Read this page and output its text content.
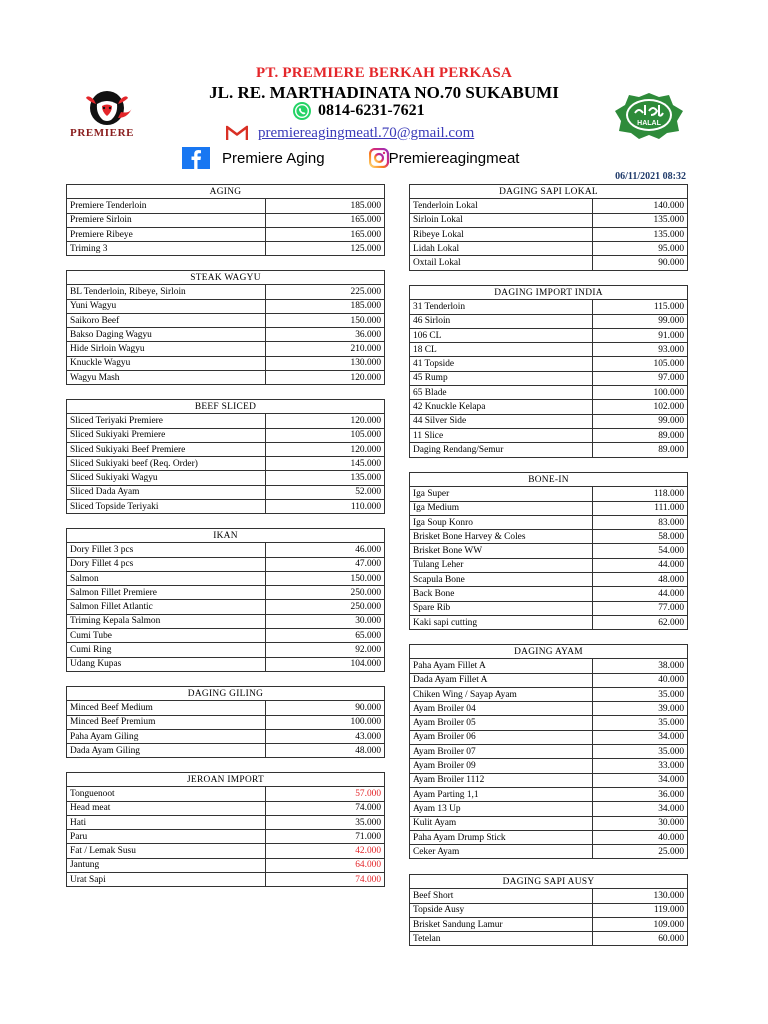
PT. PREMIERE BERKAH PERKASA
JL. RE. MARTHADINATA NO.70 SUKABUMI
0814-6231-7621
premiereagingmeatl.70@gmail.com
Premiere Aging	Premiereagingmeat
06/11/2021 08:32
PREMIERE
HALAL
AGING	
Premiere Tenderloin	185.000
Premiere Sirloin	165.000
Premiere Ribeye	165.000
Triming 3	125.000
STEAK WAGYU	
BL Tenderloin, Ribeye, Sirloin	225.000
Yuni Wagyu	185.000
Saikoro Beef	150.000
Bakso Daging Wagyu	36.000
Hide Sirloin Wagyu	210.000
Knuckle Wagyu	130.000
Wagyu Mash	120.000
BEEF SLICED	
Sliced Teriyaki Premiere	120.000
Sliced Sukiyaki Premiere	105.000
Sliced Sukiyaki Beef Premiere	120.000
Sliced Sukiyaki beef (Req. Order)	145.000
Sliced Sukiyaki Wagyu	135.000
Sliced Dada Ayam	52.000
Sliced Topside Teriyaki	110.000
IKAN	
Dory Fillet 3 pcs	46.000
Dory Fillet 4 pcs	47.000
Salmon	150.000
Salmon Fillet Premiere	250.000
Salmon Fillet Atlantic	250.000
Triming Kepala Salmon	30.000
Cumi Tube	65.000
Cumi Ring	92.000
Udang Kupas	104.000
DAGING GILING	
Minced Beef Medium	90.000
Minced Beef Premium	100.000
Paha Ayam Giling	43.000
Dada Ayam Giling	48.000
JEROAN IMPORT	
Tonguenoot	57.000
Head meat	74.000
Hati	35.000
Paru	71.000
Fat / Lemak Susu	42.000
Jantung	64.000
Urat Sapi	74.000
DAGING SAPI LOKAL	
Tenderloin Lokal	140.000
Sirloin Lokal	135.000
Ribeye Lokal	135.000
Lidah Lokal	95.000
Oxtail Lokal	90.000
DAGING IMPORT INDIA	
31 Tenderloin	115.000
46 Sirloin	99.000
106 CL	91.000
18 CL	93.000
41 Topside	105.000
45 Rump	97.000
65 Blade	100.000
42 Knuckle Kelapa	102.000
44 Silver Side	99.000
11 Slice	89.000
Daging Rendang/Semur	89.000
BONE-IN	
Iga Super	118.000
Iga Medium	111.000
Iga Soup Konro	83.000
Brisket Bone Harvey & Coles	58.000
Brisket Bone WW	54.000
Tulang Leher	44.000
Scapula Bone	48.000
Back Bone	44.000
Spare Rib	77.000
Kaki sapi cutting	62.000
DAGING AYAM	
Paha Ayam Fillet A	38.000
Dada Ayam Fillet A	40.000
Chiken Wing / Sayap Ayam	35.000
Ayam Broiler 04	39.000
Ayam Broiler 05	35.000
Ayam Broiler 06	34.000
Ayam Broiler 07	35.000
Ayam Broiler 09	33.000
Ayam Broiler 1112	34.000
Ayam Parting 1,1	36.000
Ayam 13 Up	34.000
Kulit Ayam	30.000
Paha Ayam Drump Stick	40.000
Ceker Ayam	25.000
DAGING SAPI AUSY	
Beef Short	130.000
Topside Ausy	119.000
Brisket Sandung Lamur	109.000
Tetelan	60.000
